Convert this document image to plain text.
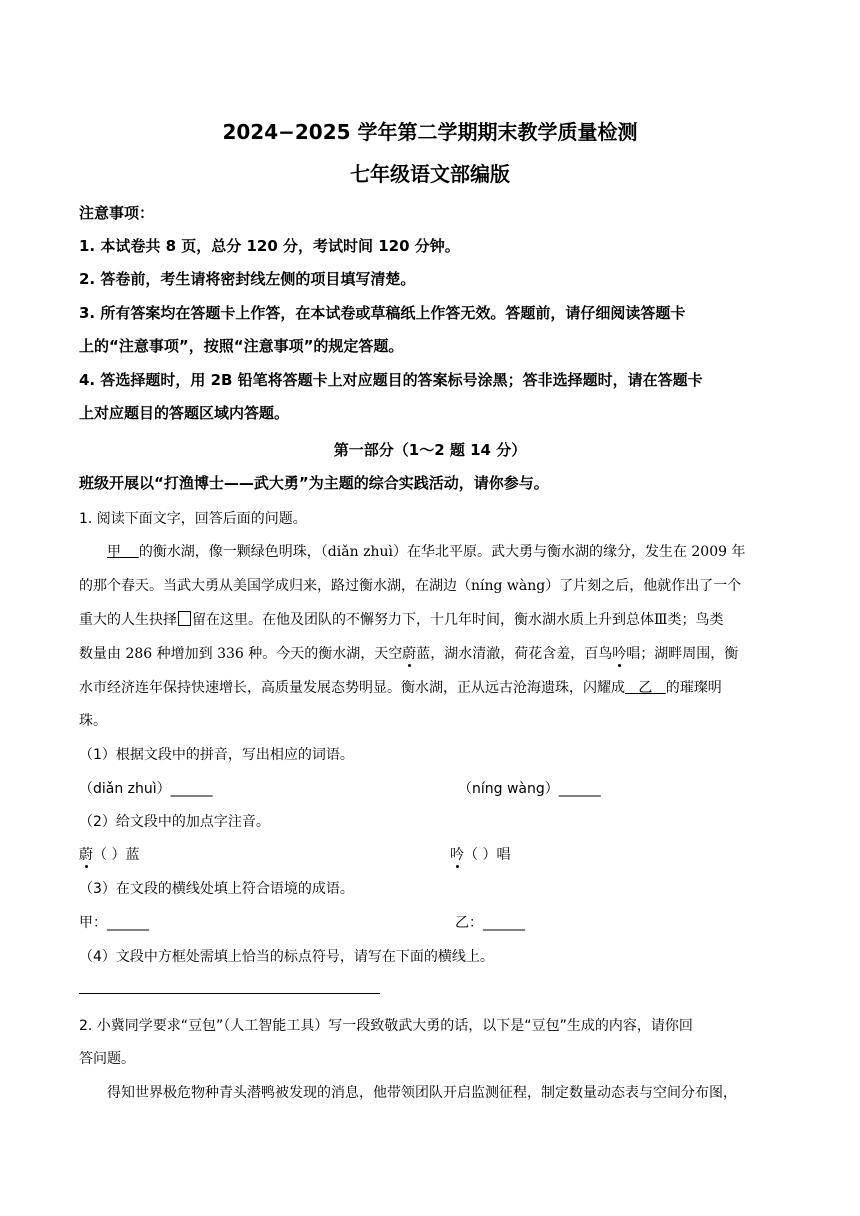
2024−2025 学年第二学期期末教学质量检测
七年级语文部编版
注意事项：
1. 本试卷共 8 页，总分 120 分，考试时间 120 分钟。
2. 答卷前，考生请将密封线左侧的项目填写清楚。
3. 所有答案均在答题卡上作答，在本试卷或草稿纸上作答无效。答题前，请仔细阅读答题卡
上的“注意事项”，按照“注意事项”的规定答题。
4. 答选择题时，用 2B 铅笔将答题卡上对应题目的答案标号涂黑；答非选择题时，请在答题卡
上对应题目的答题区域内答题。
第一部分（1～2 题 14 分）
班级开展以“打渔博士——武大勇”为主题的综合实践活动，请你参与。
1. 阅读下面文字，回答后面的问题。
甲 的衡水湖，像一颗绿色明珠，（diǎn zhuì）在华北平原。武大勇与衡水湖的缘分，发生在 2009 年
的那个春天。当武大勇从美国学成归来，路过衡水湖，在湖边（níng wàng）了片刻之后，他就作出了一个
重大的人生抉择 留在这里。在他及团队的不懈努力下，十几年时间，衡水湖水质上升到总体Ⅲ类；鸟类
数量由 286 种增加到 336 种。今天的衡水湖，天空蔚蓝，湖水清澈，荷花含羞，百鸟吟唱；湖畔周围，衡
水市经济连年保持快速增长，高质量发展态势明显。衡水湖，正从远古沧海遗珠，闪耀成 乙 的璀璨明
珠。
（1）根据文段中的拼音，写出相应的词语。
（diǎn zhuì）______	（níng wàng）______
（2）给文段中的加点字注音。
蔚（ ）蓝	吟（ ）唱
（3）在文段的横线处填上符合语境的成语。
甲：______	乙：______
（4）文段中方框处需填上恰当的标点符号，请写在下面的横线上。
2. 小冀同学要求“豆包”（人工智能工具）写一段致敬武大勇的话，以下是“豆包”生成的内容，请你回
答问题。
得知世界极危物种青头潜鸭被发现的消息，他带领团队开启监测征程，制定数量动态表与空间分布图，
